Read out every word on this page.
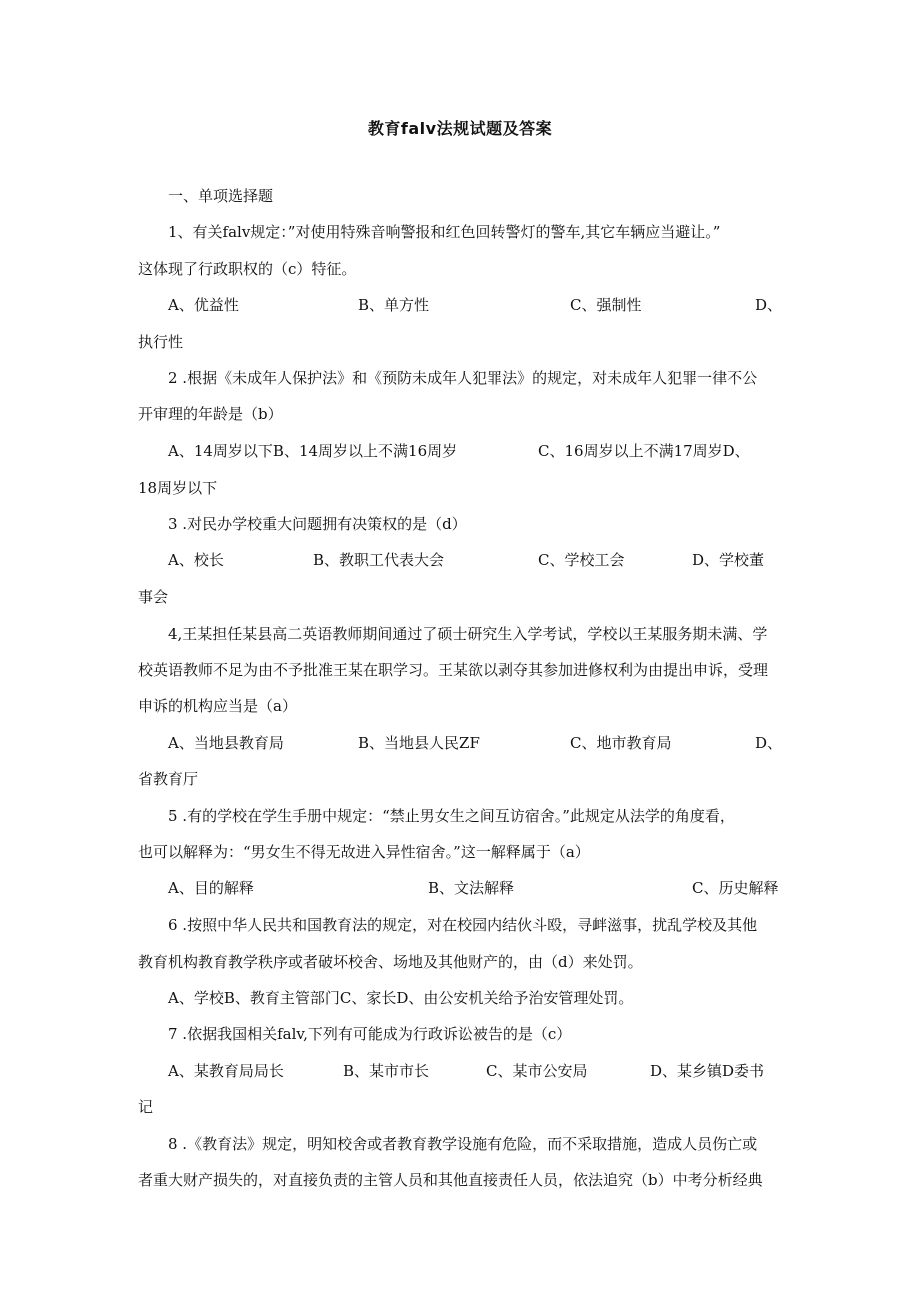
教育falv法规试题及答案
一、单项选择题
1、有关falv规定：”对使用特殊音响警报和红色回转警灯的警车,其它车辆应当避让。”
这体现了行政职权的（c）特征。
A、优益性	B、单方性	C、强制性	D、
执行性
2 .根据《未成年人保护法》和《预防未成年人犯罪法》的规定，对未成年人犯罪一律不公
开审理的年龄是（b）
A、14周岁以下B、14周岁以上不满16周岁	C、16周岁以上不满17周岁D、
18周岁以下
3 .对民办学校重大问题拥有决策权的是（d）
A、校长	B、教职工代表大会	C、学校工会	D、学校董
事会
4,王某担任某县高二英语教师期间通过了硕士研究生入学考试，学校以王某服务期未满、学
校英语教师不足为由不予批准王某在职学习。王某欲以剥夺其参加进修权利为由提出申诉，受理
申诉的机构应当是（a）
A、当地县教育局	B、当地县人民ZF	C、地市教育局	D、
省教育厅
5 .有的学校在学生手册中规定：“禁止男女生之间互访宿舍。”此规定从法学的角度看，
也可以解释为：“男女生不得无故进入异性宿舍。”这一解释属于（a）
A、目的解释	B、文法解释	C、历史解释
6 .按照中华人民共和国教育法的规定，对在校园内结伙斗殴，寻衅滋事，扰乱学校及其他
教育机构教育教学秩序或者破坏校舍、场地及其他财产的，由（d）来处罚。
A、学校B、教育主管部门C、家长D、由公安机关给予治安管理处罚。
7 .依据我国相关falv,下列有可能成为行政诉讼被告的是（c）
A、某教育局局长	B、某市市长	C、某市公安局	D、某乡镇D委书
记
8 .《教育法》规定，明知校舍或者教育教学设施有危险，而不采取措施，造成人员伤亡或
者重大财产损失的，对直接负责的主管人员和其他直接责任人员，依法追究（b）中考分析经典
